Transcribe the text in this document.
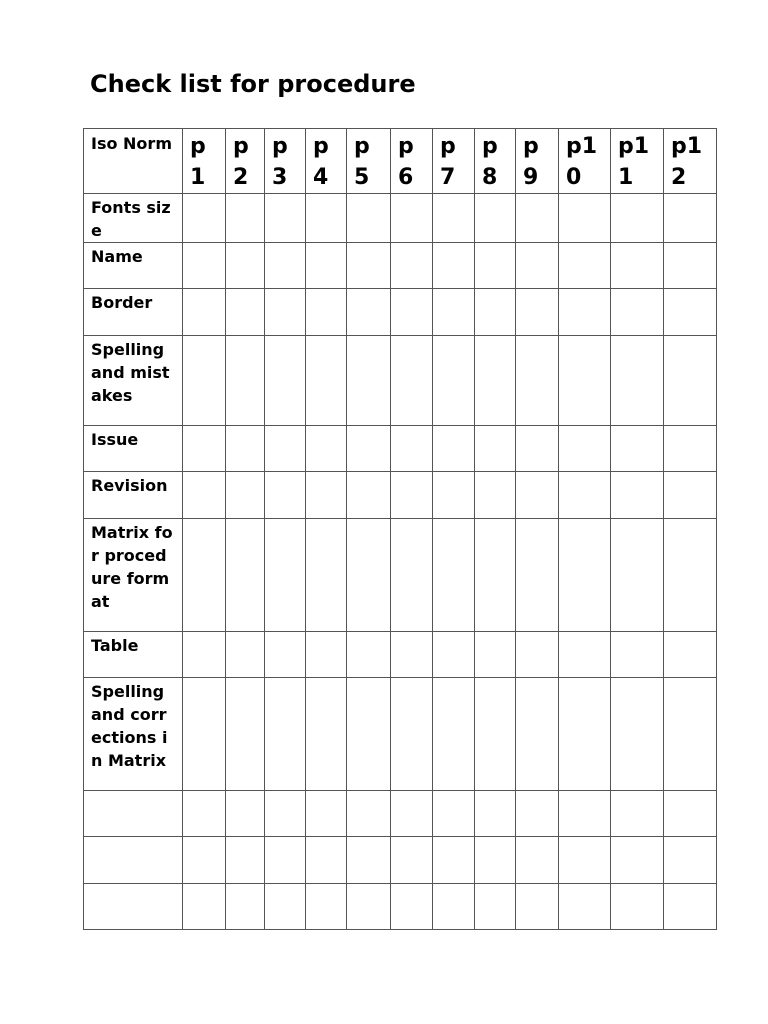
Check list for procedure
Iso Norm	p 1	p 2	p 3	p 4	p 5	p 6	p 7	p 8	p 9	p1 0	p1 1	p1 2

Fonts size												

Name												

Border												

Spelling and mistakes												

Issue												

Revision												

Matrix for procedure format												

Table												

Spelling and corrections in Matrix												
